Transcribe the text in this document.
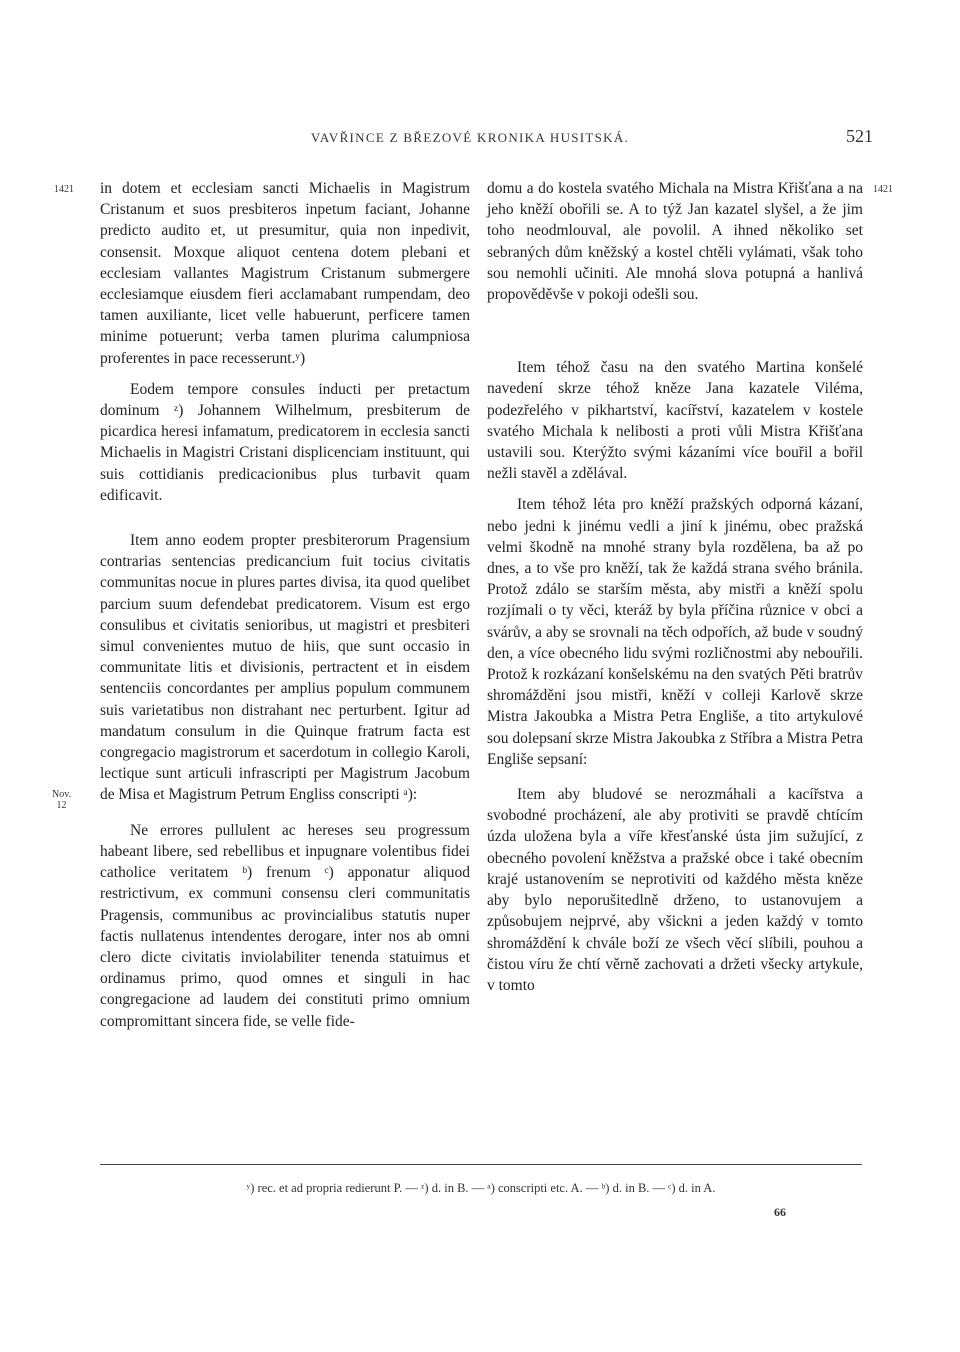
VAVŘINCE Z BŘEZOVÉ KRONIKA HUSITSKÁ.	521
1421	1421
Nov.
12

in dotem et ecclesiam sancti Michaelis in Magistrum Cristanum et suos presbiteros inpetum faciant, Johanne predicto audito et, ut presumitur, quia non inpedivit, consensit. Moxque aliquot centena dotem plebani et ecclesiam vallantes Magistrum Cristanum submergere ecclesiamque eiusdem fieri acclamabant rumpendam, deo tamen auxiliante, licet velle habuerunt, perficere tamen minime potuerunt; verba tamen plurima calumpniosa proferentes in pace recesserunt.ʸ)

Eodem tempore consules inducti per pretactum dominum ᶻ) Johannem Wilhelmum, presbiterum de picardica heresi infamatum, predicatorem in ecclesia sancti Michaelis in Magistri Cristani displicenciam instituunt, qui suis cottidianis predicacionibus plus turbavit quam edificavit.

Item anno eodem propter presbiterorum Pragensium contrarias sentencias predicancium fuit tocius civitatis communitas nocue in plures partes divisa, ita quod quelibet parcium suum defendebat predicatorem. Visum est ergo consulibus et civitatis senioribus, ut magistri et presbiteri simul convenientes mutuo de hiis, que sunt occasio in communitate litis et divisionis, pertractent et in eisdem sentenciis concordantes per amplius populum communem suis varietatibus non distrahant nec perturbent. Igitur ad mandatum consulum in die Quinque fratrum facta est congregacio magistrorum et sacerdotum in collegio Karoli, lectique sunt articuli infrascripti per Magistrum Jacobum de Misa et Magistrum Petrum Engliss conscripti ᵃ):

Ne errores pullulent ac hereses seu progressum habeant libere, sed rebellibus et inpugnare volentibus fidei catholice veritatem ᵇ) frenum ᶜ) apponatur aliquod restrictivum, ex communi consensu cleri communitatis Pragensis, communibus ac provincialibus statutis nuper factis nullatenus intendentes derogare, inter nos ab omni clero dicte civitatis inviolabiliter tenenda statuimus et ordinamus primo, quod omnes et singuli in hac congregacione ad laudem dei constituti primo omnium compromittant sincera fide, se velle fide-

domu a do kostela svatého Michala na Mistra Křišťana a na jeho kněží obořili se. A to týž Jan kazatel slyšel, a že jim toho neodmlouval, ale povolil. A ihned několiko set sebraných dům kněžský a kostel chtěli vylámati, však toho sou nemohli učiniti. Ale mnohá slova potupná a hanlivá propověděvše v pokoji odešli sou.

Item téhož času na den svatého Martina konšelé navedení skrze téhož kněze Jana kazatele Viléma, podezřelého v pikhartství, kacířství, kazatelem v kostele svatého Michala k nelibosti a proti vůli Mistra Křišťana ustavili sou. Kterýžto svými kázaními více bouřil a bořil nežli stavěl a zdělával.

Item téhož léta pro kněží pražských odporná kázaní, nebo jedni k jinému vedli a jiní k jinému, obec pražská velmi škodně na mnohé strany byla rozdělena, ba až po dnes, a to vše pro kněží, tak že každá strana svého bránila. Protož zdálo se starším města, aby mistři a kněží spolu rozjímali o ty věci, kteráž by byla příčina různice v obci a svárův, a aby se srovnali na těch odpořích, až bude v soudný den, a více obecného lidu svými rozličnostmi aby nebouřili. Protož k rozkázaní konšelskému na den svatých Pěti bratrův shromážděni jsou mistři, kněží v colleji Karlově skrze Mistra Jakoubka a Mistra Petra Engliše, a tito artykulové sou dolepsaní skrze Mistra Jakoubka z Stříbra a Mistra Petra Engliše sepsaní:

Item aby bludové se nerozmáhali a kacířstva a svobodné procházení, ale aby protiviti se pravdě chtícím úzda uložena byla a víře křesťanské ústa jim sužující, z obecného povolení kněžstva a pražské obce i také obecním krajé ustanovením se neprotiviti od každého města kněze aby bylo neporušitedlně drženo, to ustanovujem a způsobujem nejprvé, aby všickni a jeden každý v tomto shromáždění k chvále boží ze všech věcí slíbili, pouhou a čistou víru že chtí věrně zachovati a držeti všecky artykule, v tomto

ʸ) rec. et ad propria redierunt P. — ᶻ) d. in B. — ᵃ) conscripti etc. A. — ᵇ) d. in B. — ᶜ) d. in A.
66
